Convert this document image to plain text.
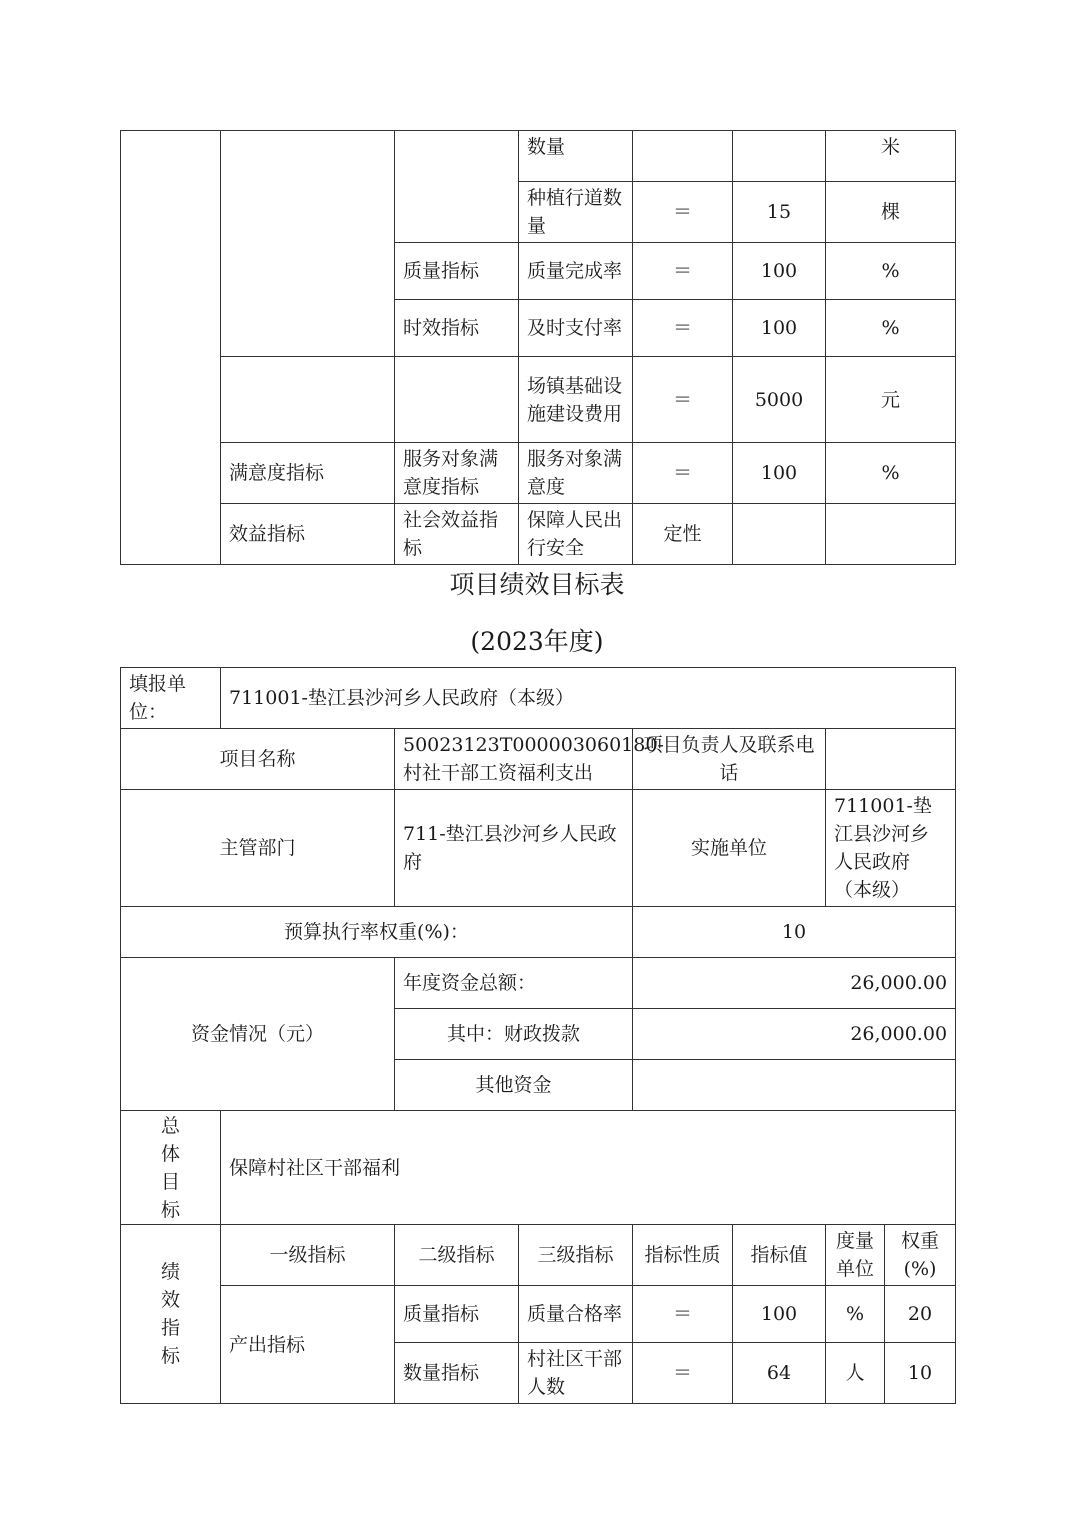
			数量			米	
			种植行道数量	＝	15	棵	
		质量指标	质量完成率	＝	100	%	
		时效指标	及时支付率	＝	100	%	
			场镇基础设施建设费用	＝	5000	元	
	满意度指标	服务对象满意度指标	服务对象满意度	＝	100	%	
	效益指标	社会效益指标	保障人民出行安全	定性			
项目绩效目标表
(2023年度)
填报单位：	711001-垫江县沙河乡人民政府（本级）						
项目名称		50023123T000003060180-村社干部工资福利支出		项目负责人及联系电话			
主管部门		711-垫江县沙河乡人民政府		实施单位		711001-垫江县沙河乡人民政府（本级）	
预算执行率权重(%)：				10			
资金情况（元）		年度资金总额：		26,000.00			
		其中：财政拨款		26,000.00			
		其他资金					
总体目标	保障村社区干部福利						
绩效指标	一级指标	二级指标	三级指标	指标性质	指标值	度量单位	权重(%)
	产出指标	质量指标	质量合格率	＝	100	%	20
		数量指标	村社区干部人数	＝	64	人	10
